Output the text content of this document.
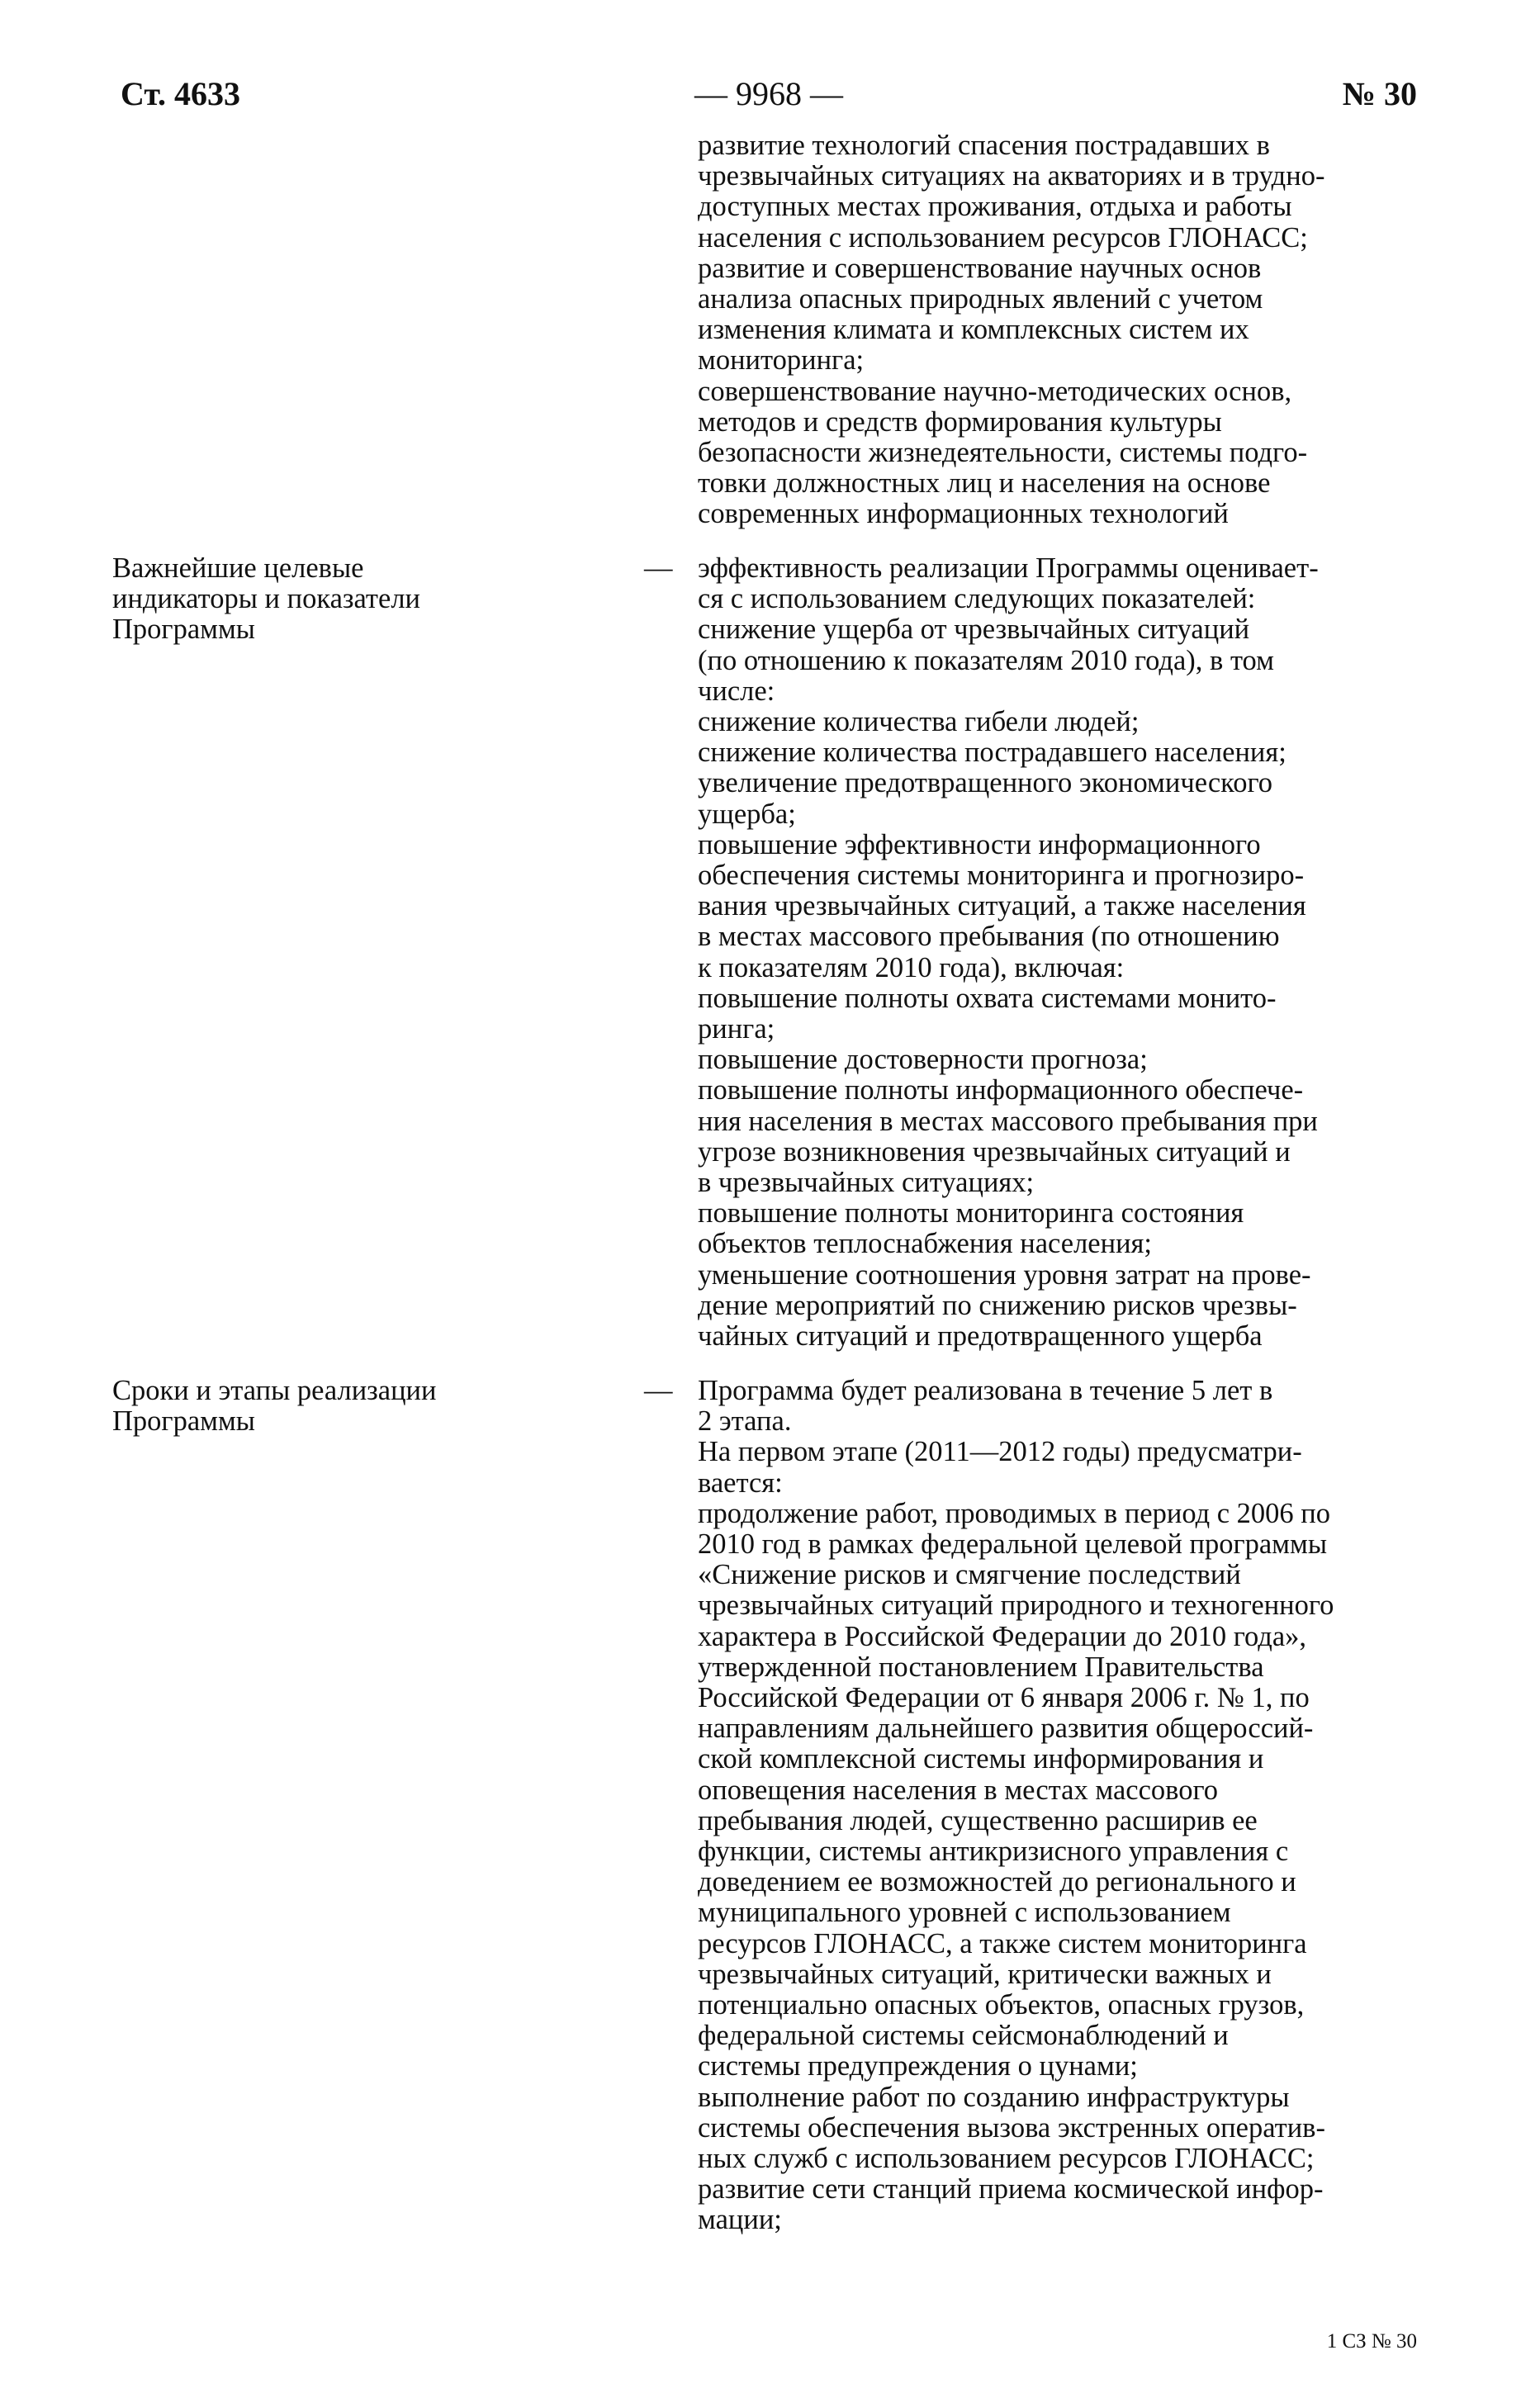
Ст. 4633	— 9968 —	№ 30
развитие технологий спасения пострадавших в
чрезвычайных ситуациях на акваториях и в трудно-
доступных местах проживания, отдыха и работы
населения с использованием ресурсов ГЛОНАСС;
развитие и совершенствование научных основ
анализа опасных природных явлений с учетом
изменения климата и комплексных систем их
мониторинга;
совершенствование научно-методических основ,
методов и средств формирования культуры
безопасности жизнедеятельности, системы подго-
товки должностных лиц и населения на основе
современных информационных технологий
Важнейшие целевые
индикаторы и показатели
Программы
— эффективность реализации Программы оценивает-
ся с использованием следующих показателей:
снижение ущерба от чрезвычайных ситуаций
(по отношению к показателям 2010 года), в том
числе:
снижение количества гибели людей;
снижение количества пострадавшего населения;
увеличение предотвращенного экономического
ущерба;
повышение эффективности информационного
обеспечения системы мониторинга и прогнозиро-
вания чрезвычайных ситуаций, а также населения
в местах массового пребывания (по отношению
к показателям 2010 года), включая:
повышение полноты охвата системами монито-
ринга;
повышение достоверности прогноза;
повышение полноты информационного обеспече-
ния населения в местах массового пребывания при
угрозе возникновения чрезвычайных ситуаций и
в чрезвычайных ситуациях;
повышение полноты мониторинга состояния
объектов теплоснабжения населения;
уменьшение соотношения уровня затрат на прове-
дение мероприятий по снижению рисков чрезвы-
чайных ситуаций и предотвращенного ущерба
Сроки и этапы реализации
Программы
— Программа будет реализована в течение 5 лет в
2 этапа.
На первом этапе (2011—2012 годы) предусматри-
вается:
продолжение работ, проводимых в период с 2006 по
2010 год в рамках федеральной целевой программы
«Снижение рисков и смягчение последствий
чрезвычайных ситуаций природного и техногенного
характера в Российской Федерации до 2010 года»,
утвержденной постановлением Правительства
Российской Федерации от 6 января 2006 г. № 1, по
направлениям дальнейшего развития общероссий-
ской комплексной системы информирования и
оповещения населения в местах массового
пребывания людей, существенно расширив ее
функции, системы антикризисного управления с
доведением ее возможностей до регионального и
муниципального уровней с использованием
ресурсов ГЛОНАСС, а также систем мониторинга
чрезвычайных ситуаций, критически важных и
потенциально опасных объектов, опасных грузов,
федеральной системы сейсмонаблюдений и
системы предупреждения о цунами;
выполнение работ по созданию инфраструктуры
системы обеспечения вызова экстренных оператив-
ных служб с использованием ресурсов ГЛОНАСС;
развитие сети станций приема космической инфор-
мации;
1 СЗ № 30
